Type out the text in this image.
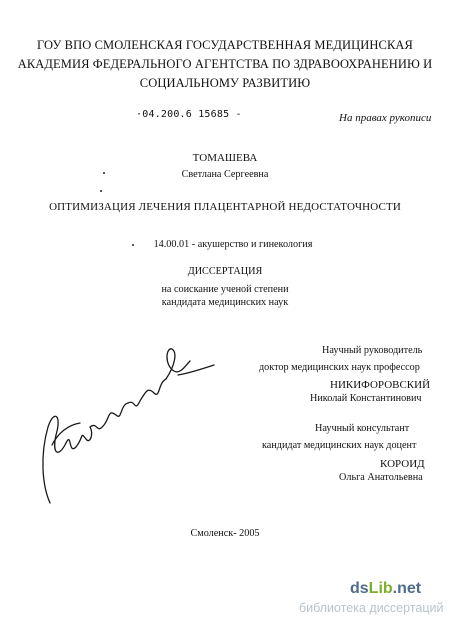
ГОУ ВПО СМОЛЕНСКАЯ ГОСУДАРСТВЕННАЯ МЕДИЦИНСКАЯ
АКАДЕМИЯ ФЕДЕРАЛЬНОГО АГЕНТСТВА ПО ЗДРАВООХРАНЕНИЮ И
СОЦИАЛЬНОМУ РАЗВИТИЮ
·04.200.6 15685 -	На правах рукописи
ТОМАШЕВА
Светлана Сергеевна
ОПТИМИЗАЦИЯ ЛЕЧЕНИЯ ПЛАЦЕНТАРНОЙ НЕДОСТАТОЧНОСТИ
14.00.01 - акушерство и гинекология
ДИССЕРТАЦИЯ
на соискание ученой степени
кандидата медицинских наук
Научный руководитель
доктор медицинских наук профессор
НИКИФОРОВСКИЙ
Николай Константинович
Научный консультант
кандидат медицинских наук доцент
КОРОИД
Ольга Анатольевна
Смоленск- 2005
dsLib.net
библиотека диссертаций
